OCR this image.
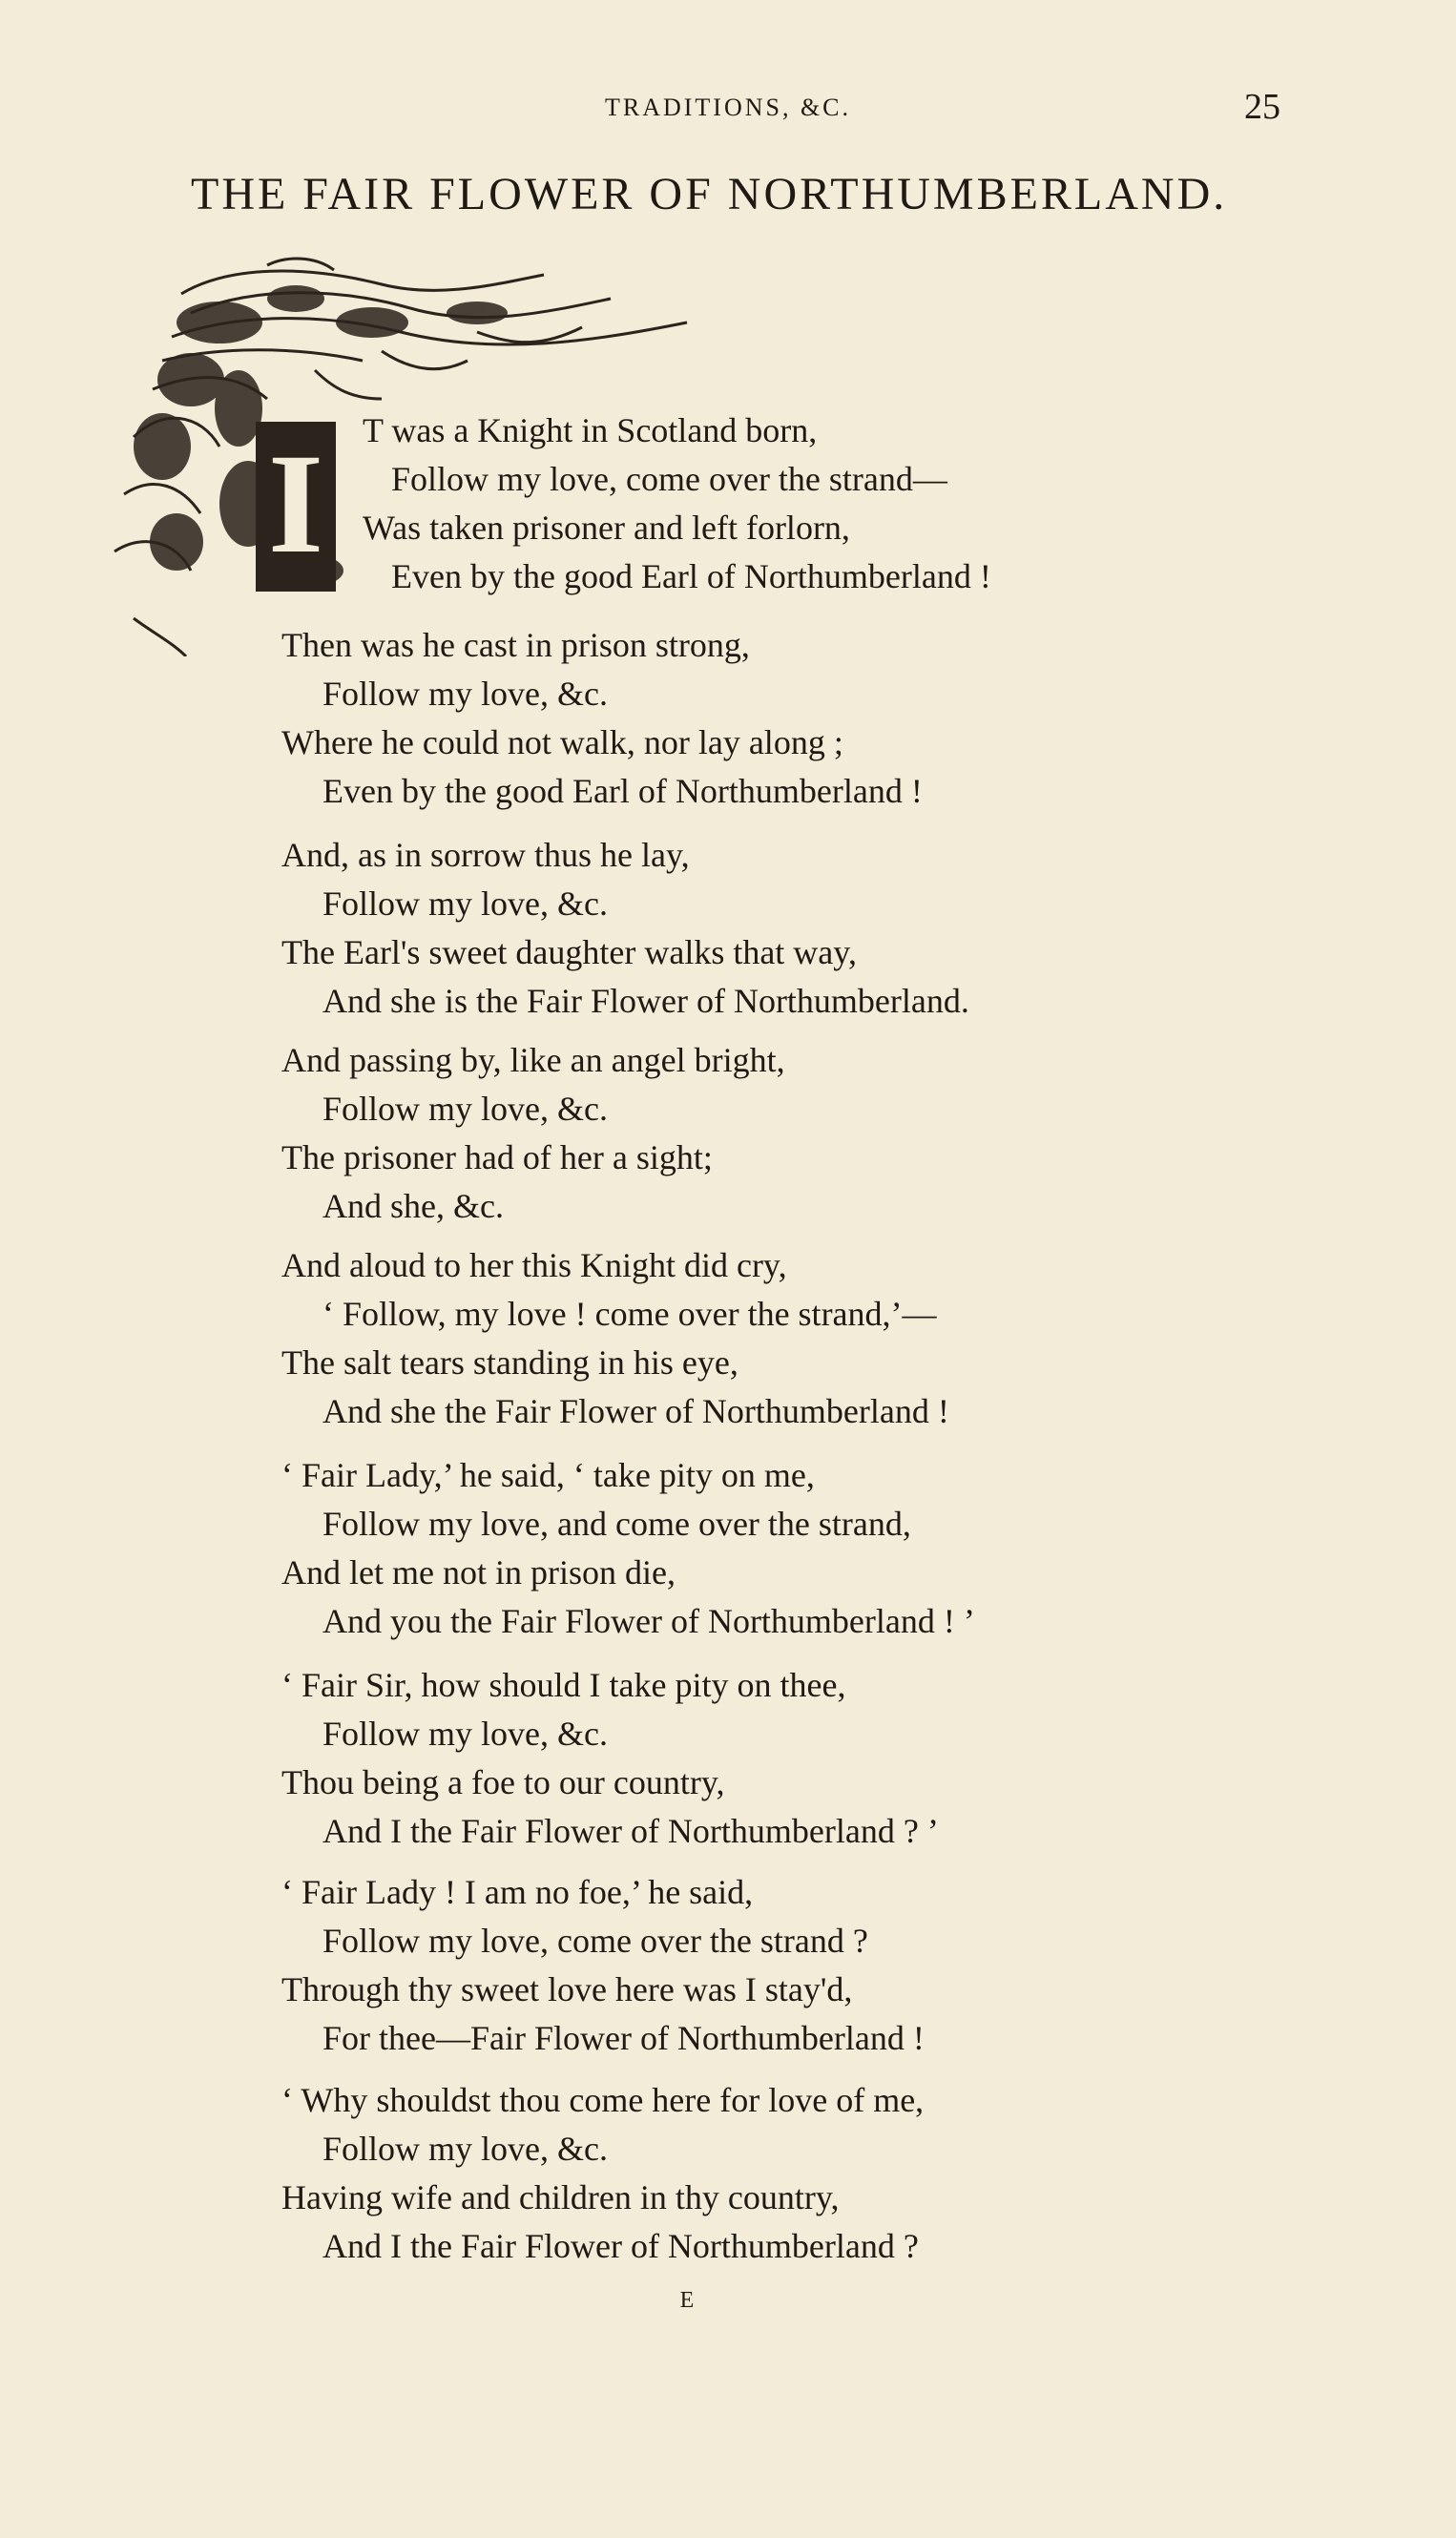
TRADITIONS, &C.	25
THE FAIR FLOWER OF NORTHUMBERLAND.
I	T was a Knight in Scotland born,
Follow my love, come over the strand—
Was taken prisoner and left forlorn,
Even by the good Earl of Northumberland !
Then was he cast in prison strong,
Follow my love, &c.
Where he could not walk, nor lay along ;
Even by the good Earl of Northumberland !
And, as in sorrow thus he lay,
Follow my love, &c.
The Earl's sweet daughter walks that way,
And she is the Fair Flower of Northumberland.
And passing by, like an angel bright,
Follow my love, &c.
The prisoner had of her a sight;
And she, &c.
And aloud to her this Knight did cry,
‘ Follow, my love ! come over the strand,’—
The salt tears standing in his eye,
And she the Fair Flower of Northumberland !
‘ Fair Lady,’ he said, ‘ take pity on me,
Follow my love, and come over the strand,
And let me not in prison die,
And you the Fair Flower of Northumberland ! ’
‘ Fair Sir, how should I take pity on thee,
Follow my love, &c.
Thou being a foe to our country,
And I the Fair Flower of Northumberland ? ’
‘ Fair Lady ! I am no foe,’ he said,
Follow my love, come over the strand ?
Through thy sweet love here was I stay'd,
For thee—Fair Flower of Northumberland !
‘ Why shouldst thou come here for love of me,
Follow my love, &c.
Having wife and children in thy country,
And I the Fair Flower of Northumberland ?
E
